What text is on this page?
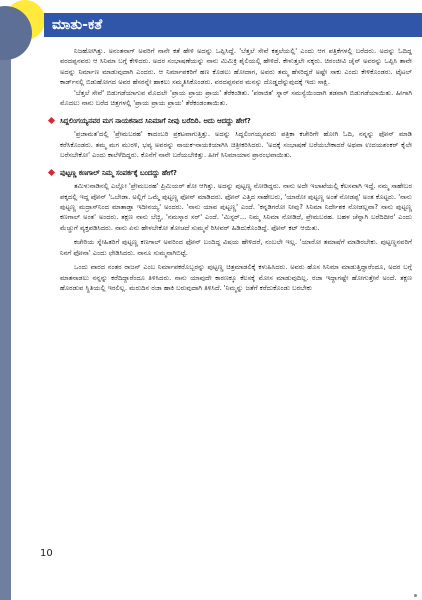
ಮಾತು-ಕತೆ

ನಿಜಹೋಗಿತ್ತು. ಅನಂತನಾಗ್ ಅವರಿಗೆ ನಾನೇ ಕತೆ ಹೇಳಿ ಅದನ್ನು ಒಪ್ಪಿಸಿದ್ದೆ. 'ಬೆತ್ತಲೆ ಸೇವೆ ಕತ್ತಲೆಯಲ್ಲಿ' ಎಂದು ಆಗ ಪತ್ರಿಕೆಗಳಲ್ಲಿ ಬರೆದರು. ಅದನ್ನು ಓದಿದ್ದ ವರದಪ್ಪನವರು ಆ ಸಿನಿಮಾ ಬಗ್ಗೆ ಕೇಳಿದರು. ಅದರ ಸಂಭಾಷಣೆಯನ್ನು ನಾನು ಮಿಮಿಕ್ರಿ ಶೈಲಿಯಲ್ಲಿ ಹೇಳಿದೆ. ಕೇಳುತ್ತಲೇ ನಕ್ಕರು. ಚಿರಂಜೀವಿ ಚೈನ್ ಅವರನ್ನು ಒಪ್ಪಿಸಿ ತಾವೇ ಅದನ್ನು ನಿರ್ಮಾಣ ಮಾಡುವುದಾಗಿ ಎಂದರು. ಆ ನಿರ್ಮಾಪಕರಿಗೆ ಹಣ ಕೊಡಲು ಹೋದಾಗ, ಅವರು ತಮ್ಮ ಹೆಸರಿದ್ದರೆ ಅಷ್ಟೇ ಸಾಕು ಎಂದು ಕೇಳಿಕೊಂಡರು. ಟೈಟಲ್ ಕಾರ್ಡ್‌ನಲ್ಲಿ ಬಿಡುಹೋಗದ ಅವರ ಹೆಸರನ್ನೇ ಹಾಕಲು ಸಮ್ಮತಿಸಿಕೊಂಡರು. ವರದಪ್ಪನವರ ಮನಸ್ಸು ದೊಡ್ಡದೆನ್ನುವುದಕ್ಕೆ ಇದು ಸಾಕ್ಷಿ.

'ಬೆತ್ತಲೆ ಸೇವೆ' ಬಿಡುಗಡೆಯಾಗುವ ಮೊದಲೇ 'ಪ್ರಾಯ ಪ್ರಾಯ ಪ್ರಾಯ' ತೆರೆಕಂಡಿತು. 'ಪರಾಜಿತ' ಸ್ನಾರ್ ಸಮಸ್ಯೆಯಿಂದಾಗಿ ತಡವಾಗಿ ಬಿಡುಗಡೆಯಾಯಿತು. ಹೀಗಾಗಿ ಮೊದಲು ನಾನು ಬರೆದ ಚಿತ್ರಗಳಲ್ಲಿ 'ಪ್ರಾಯ ಪ್ರಾಯ ಪ್ರಾಯ' ತೆರೆಕಂಡಂತಾಯಿತು.

ಸಿದ್ದಲಿಂಗಯ್ಯನವರ ಮಗ ನಾಯಕನಾದ ಸಿನಿಮಾಗೆ ನೀವು ಬರೆದಿರಿ. ಅದು ಆದದ್ದು ಹೇಗೆ?

'ಪ್ರಜಾಮತ'ದಲ್ಲಿ 'ಪ್ರೇಮಬರಹ' ಕಾದಂಬರಿ ಪ್ರಕಟವಾಗುತ್ತಿತ್ತು. ಅದನ್ನು ಸಿದ್ದಲಿಂಗಯ್ಯನವರು ಪತ್ರಿಕಾ ಕಚೇರಿಗೇ ಹೋಗಿ ಓದಿ, ನನ್ನನ್ನು ಫೋನ್ ಮಾಡಿ ಕರೆಸಿಕೊಂಡರು. ತಮ್ಮ ಮಗ ಮುರಳಿ, ಭವ್ಯ ಅವರನ್ನು ನಾಯಕ-ನಾಯಕಿಯಾಗಿಸಿ ಚಿತ್ರೀಕರಿಸಿದರು. 'ಅದಕ್ಕೆ ಸಂಭಾಷಣೆ ಬರೆಯಬೇಕಾದರೆ ಅಥವಾ ಉದಯಶಂಕರ್ ಕೈಲೇ ಬರೆಸಬೇಕೋ' ಎಂದು ಕಾಲೆಳೆದಿದ್ದರು. ಕೊನೆಗೆ ನಾನೇ ಬರೆಯಬೇಕಿತ್ತು. ಹೀಗೆ ಸಿನಿಮಾಯಾನ ಪ್ರಾರಂಭವಾಯಿತು.

ಪುಟ್ಟಣ್ಣ ಕಣಗಾಲ್ ನಿಮ್ಮ ಸಂಪರ್ಕಕ್ಕೆ ಬಂದದ್ದು ಹೇಗೆ?

ತಮಿಳುನಾಡಿನಲ್ಲಿ ಎಲ್ಲೋ 'ಪ್ರೇಮಬರಹ' ಪ್ರಿಮಿಯರ್ ಶೋ ಆಗಿತ್ತು. ಅದನ್ನು ಪುಟ್ಟಣ್ಣ ನೋಡಿದ್ದರು. ನಾನು ಅದೇ ಇಲಾಖೆಯಲ್ಲಿ ಕೆಲಸವಾಗಿ ಇದ್ದೆ. ನಮ್ಮ ಸಾಹೇಬರ ಪಕ್ಕದಲ್ಲಿ ಇದ್ದ ಪೋನ್ 'ಒಬೇಡಾ. ಅಲ್ಲಿಗೆ ಒಮ್ಮೆ ಪುಟ್ಟಣ್ಣ ಫೋನ್ ಮಾಡಿದರು. ಫೋನ್ ಎತ್ತಿದ ಸಾಹೇಬರು, 'ಯಾರೋ ಪುಟ್ಟಣ್ಣ ಅಂತೆ ನೋಡಪ್ಪ' ಅಂತ ಕೊಟ್ಟರು. 'ನಾನು ಪುಟ್ಟಣ್ಣ ಮದ್ರಾಸ್‌ನಿಂದ ಮಾತಾಡ್ತಾ ಇದೀನಯ್ಯ' ಅಂದರು. 'ನಾನು ಯಾವ ಪುಟ್ಟಣ್ಣ' ಎಂದೆ. 'ಕನ್ನಡಿಗರೋ ನೀವು? ಸಿನಿಮಾ ನಿರ್ದೇಶಕ ನೋಡಲ್ಲವಾ? ನಾನು ಪುಟ್ಟಣ್ಣ ಕಣಗಾಲ್ ಅಂತ' ಅಂದರು. ತಕ್ಷಣ ನಾನು ಬೆಚ್ಚಿ, 'ನಮಸ್ಕಾರ ಸರ್' ಎಂದೆ. 'ಮಿಸ್ಟರ್... ನಿಮ್ಮ ಸಿನಿಮಾ ನೋಡಿದೆ, ಪ್ರೇಮಬರಹ. ಬಹಳ ಚೆನ್ನಾಗಿ ಬರೆದಿದೀರ' ಎಂದು ಮೆಚ್ಚುಗೆ ವ್ಯಕ್ತಪಡಿಸಿದರು. ನಾನು ಏನು ಹೇಳಬೇಕೋ ತೋಚದೆ ಸುಮ್ಮನೆ ರಿಸೀವರ್ ಹಿಡಿದುಕೊಂಡಿದ್ದೆ. ಫೋನ್ ಕಟ್ ಆಯಿತು.

ಕಚೇರಿಯ ಸ್ನೇಹಿತರಿಗೆ ಪುಟ್ಟಣ್ಣ ಕಣಗಾಲ್ ಅವರಿಂದ ಫೋನ್ ಬಂದಿದ್ದ ವಿಷಯ ಹೇಳಿದರೆ, ನಂಬಲೇ ಇಲ್ಲ. 'ಯಾರೋ ತಮಾಷೆಗೆ ಮಾಡಿರಬೇಕು. ಪುಟ್ಟಣ್ಣನವರಿಗೆ ನಿನಗೆ ಫೋನಾ' ಎಂದು ಛೇಡಿಸಿದರು. ನಾನೂ ಸುಮ್ಮನಾಗಿಬಿಟ್ಟೆ.

ಒಂದು ವಾರದ ನಂತರ ರಾಜನ್ ಎಂಬ ನಿರ್ಮಾಪಕರೊಬ್ಬರನ್ನು ಪುಟ್ಟಣ್ಣ ಚಿತ್ರಮಾಡಲಿಕ್ಕೆ ಕಳುಹಿಸಿದರು. ಅವರು ಹೊಸ ಸಿನಿಮಾ ಮಾಡುತ್ತಿದ್ದಾರೆಂದೂ, ಅದರ ಬಗ್ಗೆ ಮಾತನಾಡಲು ನನ್ನನ್ನು ಕರೆದಿದ್ದಾರೆಂದೂ ತಿಳಿಸಿದರು. ನಾನು ಯಾವುದೇ ಕಾರಣಕ್ಕೂ ಕೆಲಸಕ್ಕೆ ಮೋಸ ಮಾಡುವುದಿಲ್ಲ. ರಜಾ ಇದ್ದಾಗಷ್ಟೇ ಹೋಗುತ್ತೇನೆ ಅಂದೆ. ತಕ್ಷಣ ಹೊರಡುವ ಸ್ಥಿತಿಯಲ್ಲಿ ಇರಲಿಲ್ಲ. ಮರುದಿನ ರಜಾ ಹಾಕಿ ಬರುವುದಾಗಿ ತಿಳಿಸಿದೆ. 'ನಿಮ್ಮನ್ನು ಜತೆಗೆ ಕರೆದುಕೊಂಡು ಬರಬೇಕು

10
